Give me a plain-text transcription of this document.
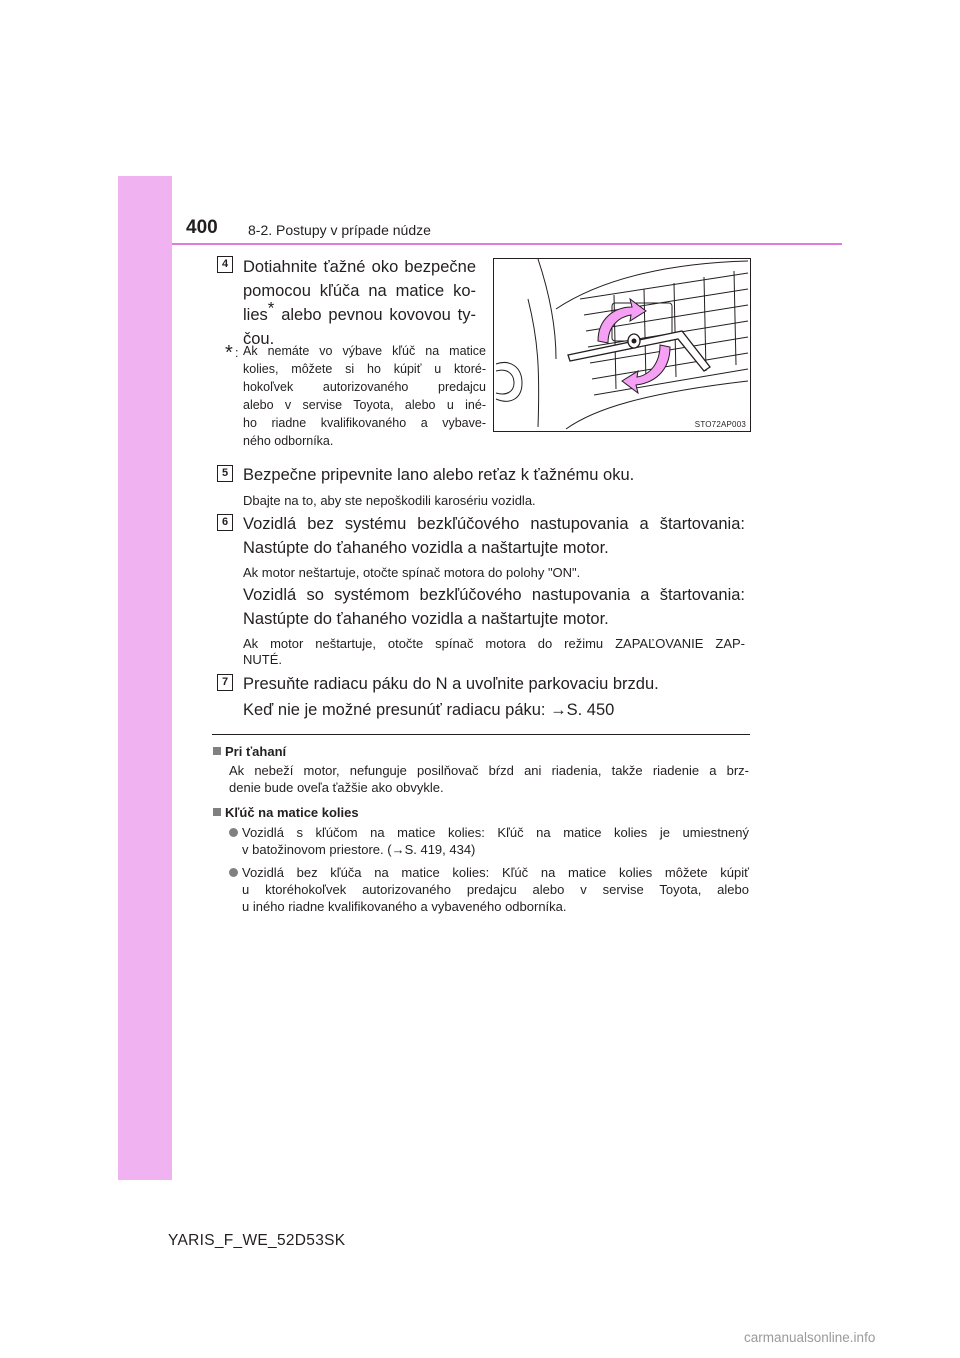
400 8-2. Postupy v prípade núdze
4 Dotiahnite ťažné oko bezpečne
pomocou kľúča na matice ko-
lies* alebo pevnou kovovou ty-
čou.
* : Ak nemáte vo výbave kľúč na matice
kolies, môžete si ho kúpiť u ktoré-
hokoľvek autorizovaného predajcu
alebo v servise Toyota, alebo u iné-
ho riadne kvalifikovaného a vybave-
ného odborníka.
STO72AP003
5 Bezpečne pripevnite lano alebo reťaz k ťažnému oku.
Dbajte na to, aby ste nepoškodili karosériu vozidla.
6 Vozidlá bez systému bezkľúčového nastupovania a štartovania:
Nastúpte do ťahaného vozidla a naštartujte motor.
Ak motor neštartuje, otočte spínač motora do polohy "ON".
Vozidlá so systémom bezkľúčového nastupovania a štartovania:
Nastúpte do ťahaného vozidla a naštartujte motor.
Ak motor neštartuje, otočte spínač motora do režimu ZAPAĽOVANIE ZAP-
NUTÉ.
7 Presuňte radiacu páku do N a uvoľnite parkovaciu brzdu.
Keď nie je možné presunúť radiacu páku: →S. 450
Pri ťahaní
Ak nebeží motor, nefunguje posilňovač bŕzd ani riadenia, takže riadenie a brz-
denie bude oveľa ťažšie ako obvykle.
Kľúč na matice kolies
Vozidlá s kľúčom na matice kolies: Kľúč na matice kolies je umiestnený
v batožinovom priestore. (→S. 419, 434)
Vozidlá bez kľúča na matice kolies: Kľúč na matice kolies môžete kúpiť
u ktoréhokoľvek autorizovaného predajcu alebo v servise Toyota, alebo
u iného riadne kvalifikovaného a vybaveného odborníka.
YARIS_F_WE_52D53SK
carmanualsonline.info
